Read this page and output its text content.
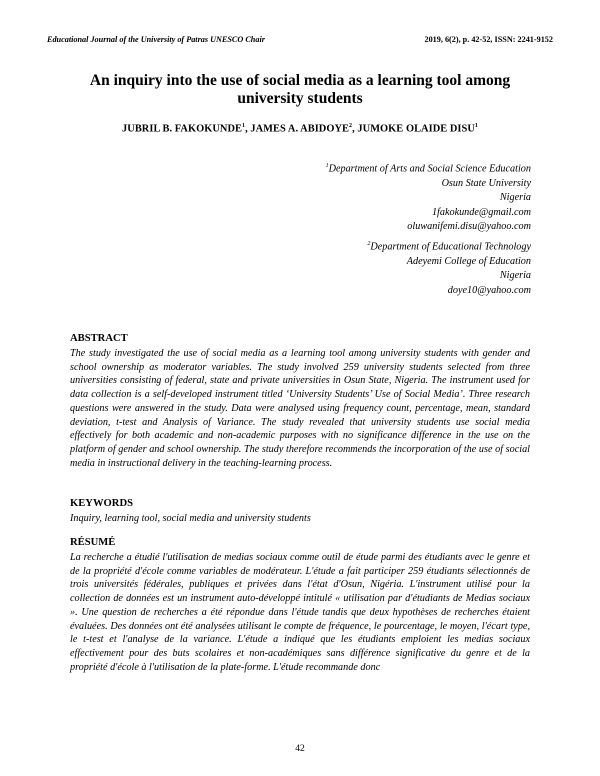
Educational Journal of the University of Patras UNESCO Chair	2019, 6(2), p. 42-52, ISSN: 2241-9152
An inquiry into the use of social media as a learning tool among
university students
JUBRIL B. FAKOKUNDE$^1$, JAMES A. ABIDOYE$^2$, JUMOKE OLAIDE DISU$^1$
$^1$Department of Arts and Social Science Education
Osun State University
Nigeria
1fakokunde@gmail.com
oluwanifemi.disu@yahoo.com
$^2$Department of Educational Technology
Adeyemi College of Education
Nigeria
doye10@yahoo.com
ABSTRACT
The study investigated the use of social media as a learning tool among university students with gender and school ownership as moderator variables. The study involved 259 university students selected from three universities consisting of federal, state and private universities in Osun State, Nigeria. The instrument used for data collection is a self-developed instrument titled ‘University Students’ Use of Social Media’. Three research questions were answered in the study. Data were analysed using frequency count, percentage, mean, standard deviation, t-test and Analysis of Variance. The study revealed that university students use social media effectively for both academic and non-academic purposes with no significance difference in the use on the platform of gender and school ownership. The study therefore recommends the incorporation of the use of social media in instructional delivery in the teaching-learning process.
KEYWORDS
Inquiry, learning tool, social media and university students
RÉSUMÉ
La recherche a étudié l'utilisation de medias sociaux comme outil de étude parmi des étudiants avec le genre et de la propriété d'école comme variables de modérateur. L'étude a fait participer 259 étudiants sélectionnés de trois universités fédérales, publiques et privées dans l'état d'Osun, Nigéria. L'instrument utilisé pour la collection de données est un instrument auto-développé intitulé « utilisation par d'étudiants de Medias sociaux ». Une question de recherches a été répondue dans l'étude tandis que deux hypothèses de recherches étaient évaluées. Des données ont été analysées utilisant le compte de fréquence, le pourcentage, le moyen, l'écart type, le t-test et l'analyse de la variance. L'étude a indiqué que les étudiants emploient les medias sociaux effectivement pour des buts scolaires et non-académiques sans différence significative du genre et de la propriété d'école à l'utilisation de la plate-forme. L'étude recommande donc
42
